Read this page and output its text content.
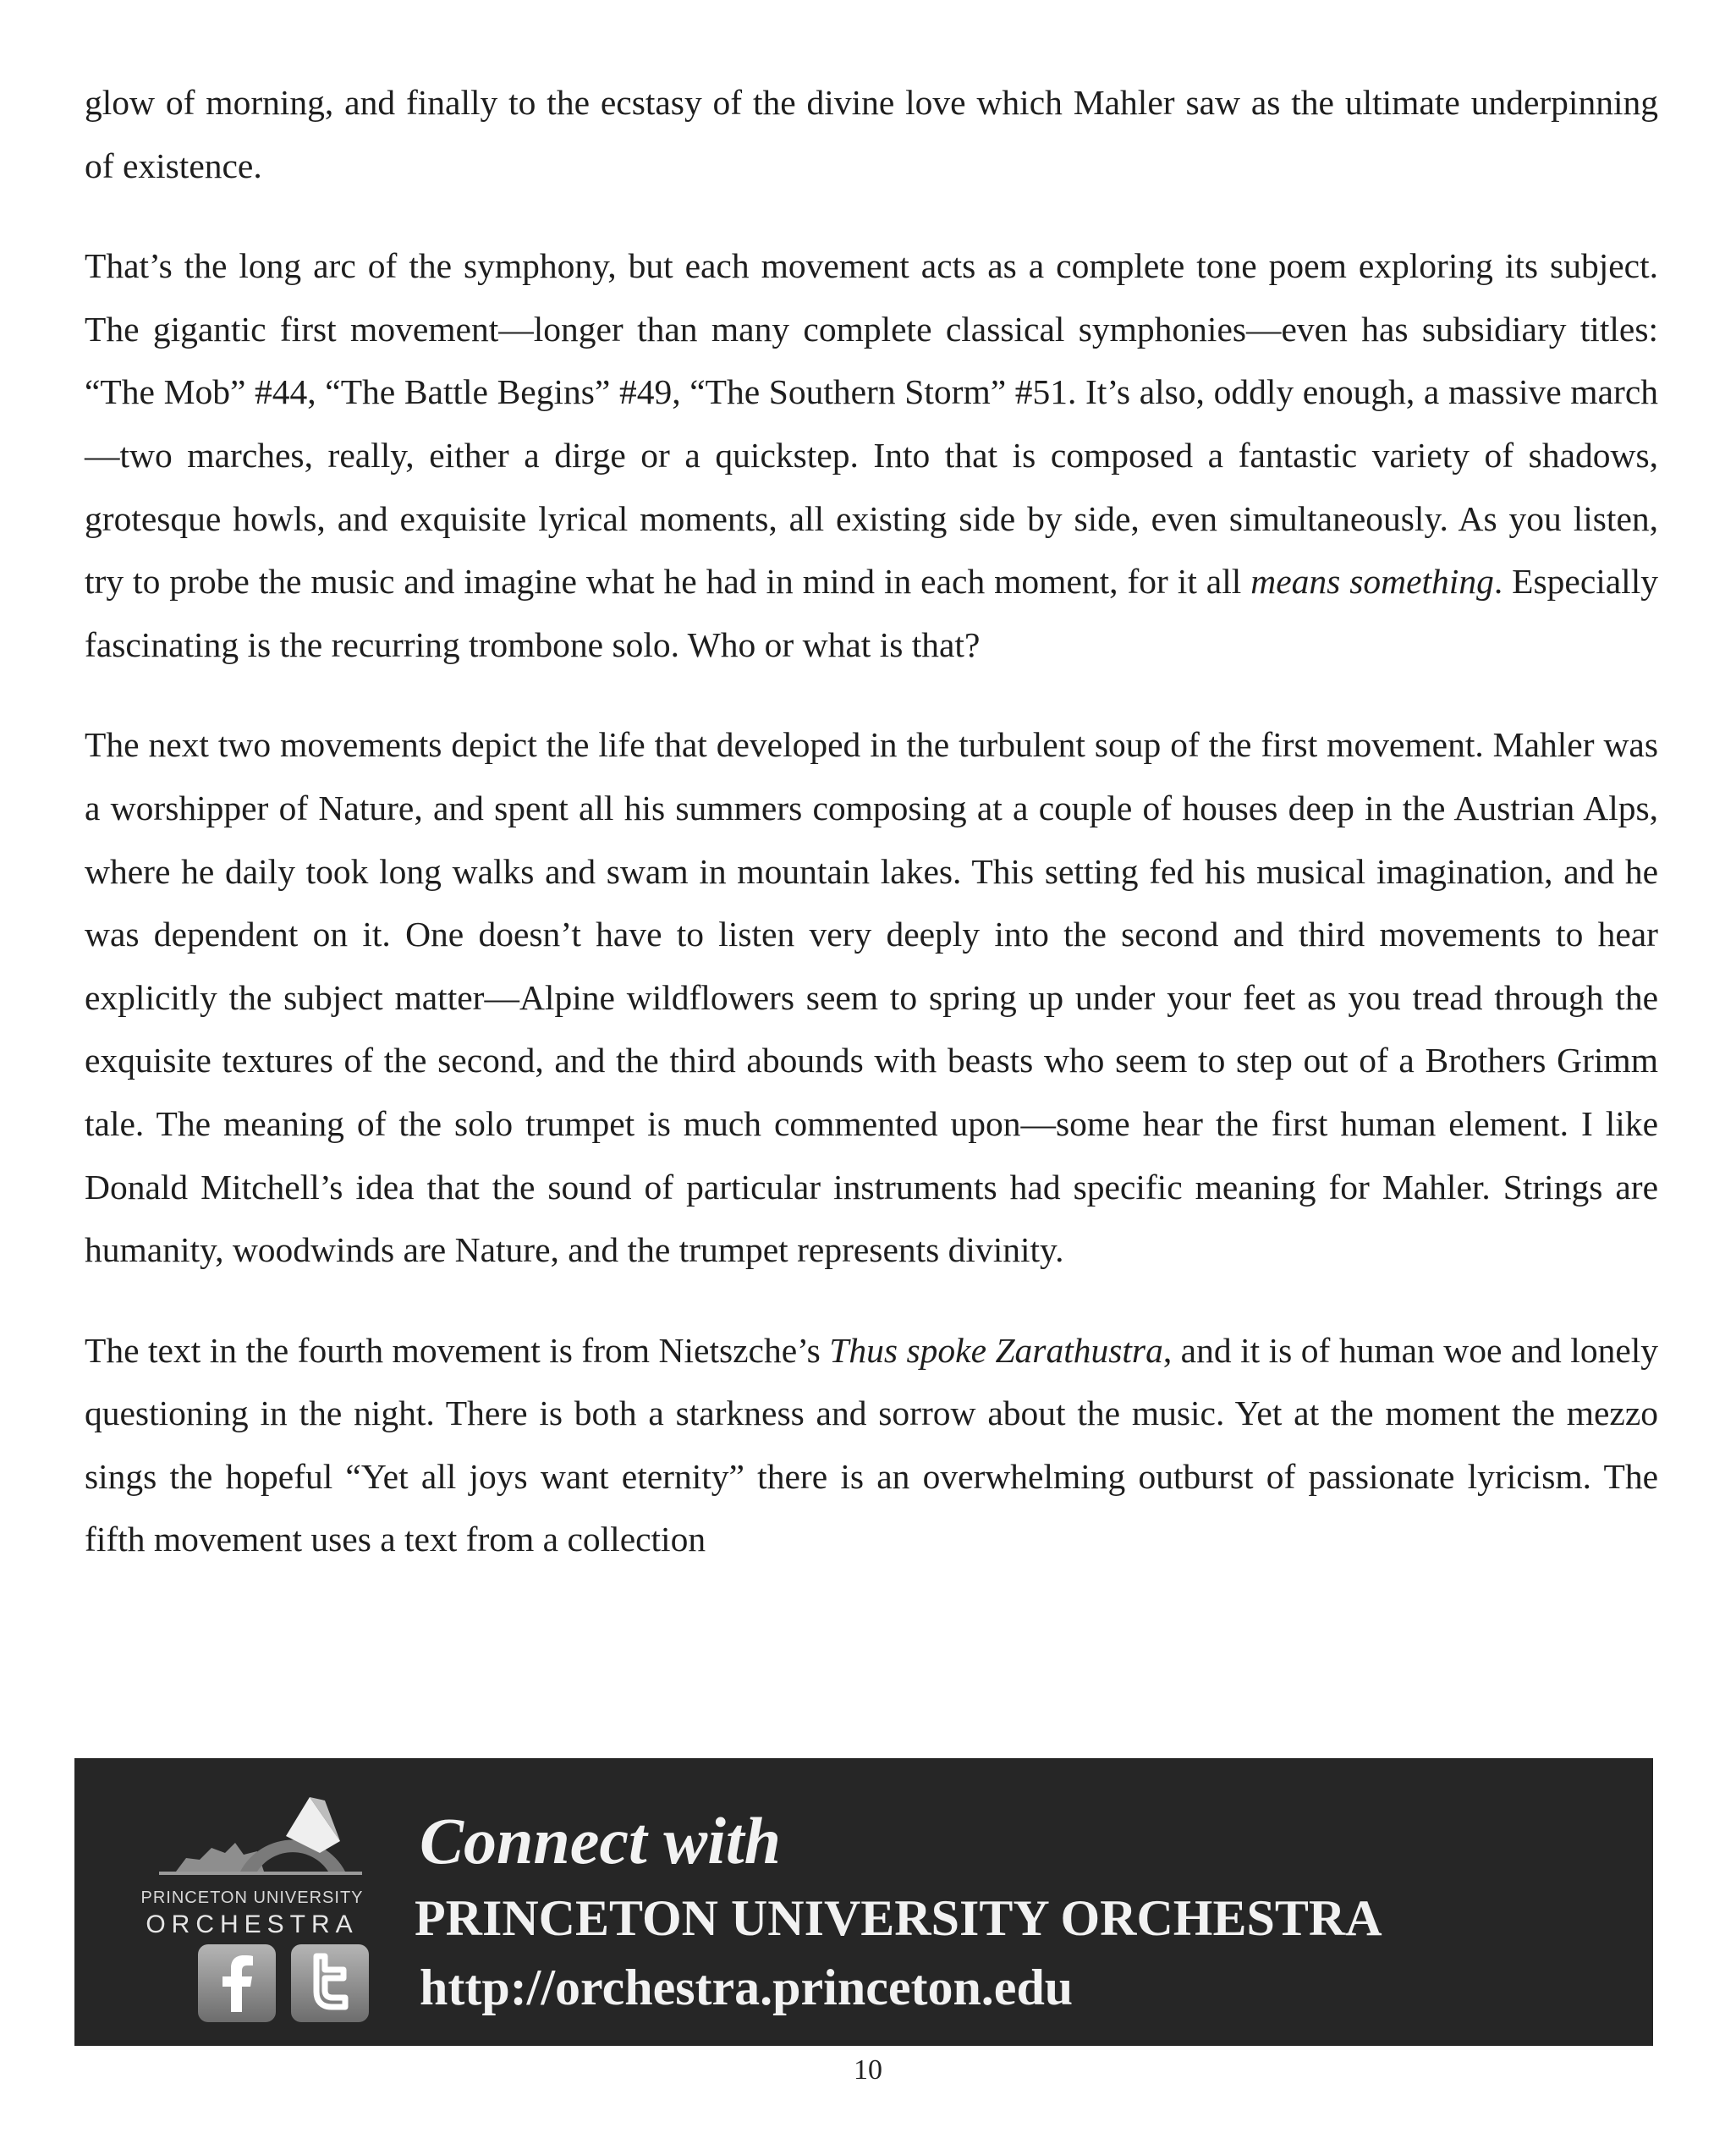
glow of morning, and finally to the ecstasy of the divine love which Mahler saw as the ultimate underpinning of existence.

That’s the long arc of the symphony, but each movement acts as a complete tone poem exploring its subject. The gigantic first movement—longer than many complete classical symphonies—even has subsidiary titles: “The Mob” #44, “The Battle Begins” #49, “The Southern Storm” #51. It’s also, oddly enough, a massive march—two marches, really, either a dirge or a quickstep. Into that is composed a fantastic variety of shadows, grotesque howls, and exquisite lyrical moments, all existing side by side, even simultaneously. As you listen, try to probe the music and imagine what he had in mind in each moment, for it all means something. Especially fascinating is the recurring trombone solo. Who or what is that?

The next two movements depict the life that developed in the turbulent soup of the first movement. Mahler was a worshipper of Nature, and spent all his summers composing at a couple of houses deep in the Austrian Alps, where he daily took long walks and swam in mountain lakes. This setting fed his musical imagination, and he was dependent on it. One doesn’t have to listen very deeply into the second and third movements to hear explicitly the subject matter—Alpine wildflowers seem to spring up under your feet as you tread through the exquisite textures of the second, and the third abounds with beasts who seem to step out of a Brothers Grimm tale. The meaning of the solo trumpet is much commented upon—some hear the first human element. I like Donald Mitchell’s idea that the sound of particular instruments had specific meaning for Mahler. Strings are humanity, woodwinds are Nature, and the trumpet represents divinity.

The text in the fourth movement is from Nietszche’s Thus spoke Zarathustra, and it is of human woe and lonely questioning in the night. There is both a starkness and sorrow about the music. Yet at the moment the mezzo sings the hopeful “Yet all joys want eternity” there is an overwhelming outburst of passionate lyricism. The fifth movement uses a text from a collection

PRINCETON UNIVERSITY
ORCHESTRA
Connect with
PRINCETON UNIVERSITY ORCHESTRA
http://orchestra.princeton.edu
10
